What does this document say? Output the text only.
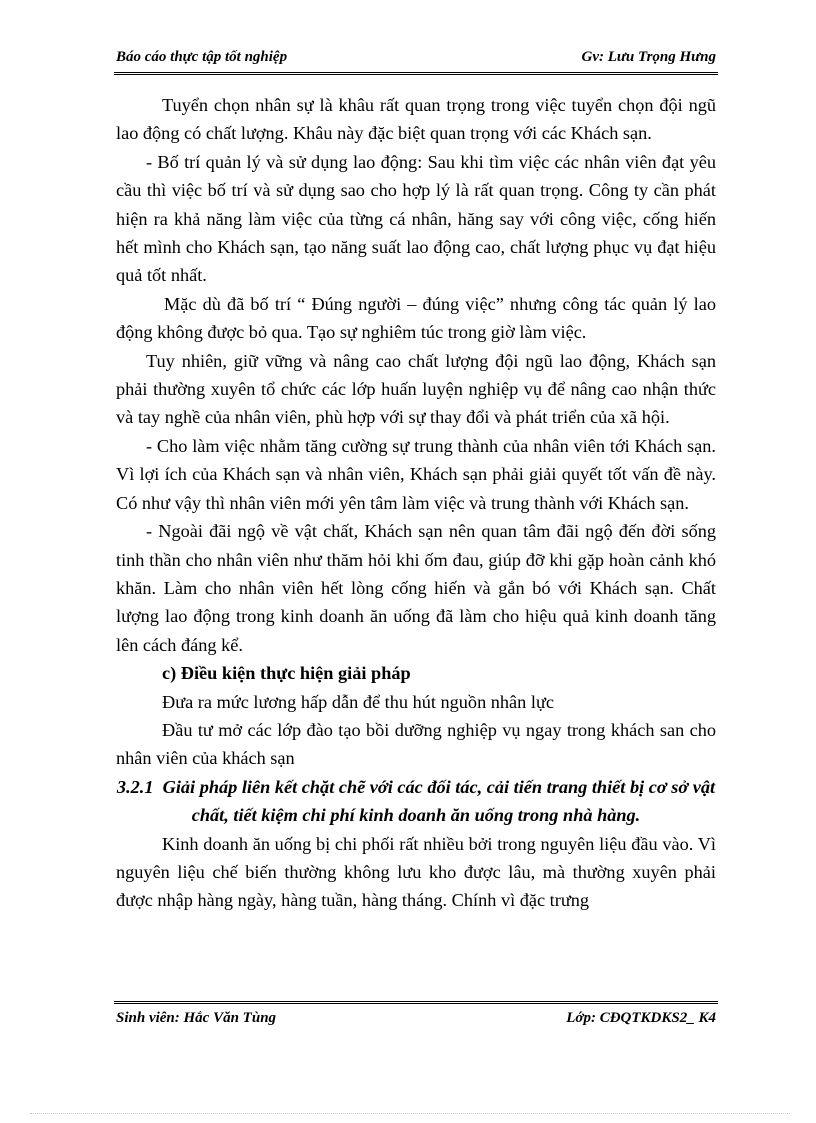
Báo cáo thực tập tốt nghiệp	Gv: Lưu Trọng Hưng

Tuyển chọn nhân sự là khâu rất quan trọng trong việc tuyển chọn đội ngũ lao động có chất lượng. Khâu này đặc biệt quan trọng với các Khách sạn.

- Bố trí quản lý và sử dụng lao động: Sau khi tìm việc các nhân viên đạt yêu cầu thì việc bố trí và sử dụng sao cho hợp lý là rất quan trọng. Công ty cần phát hiện ra khả năng làm việc của từng cá nhân, hăng say với công việc, cống hiến hết mình cho Khách sạn, tạo năng suất lao động cao, chất lượng phục vụ đạt hiệu quả tốt nhất.

Mặc dù đã bố trí “ Đúng người – đúng việc” nhưng công tác quản lý lao động không được bỏ qua. Tạo sự nghiêm túc trong giờ làm việc.

Tuy nhiên, giữ vững và nâng cao chất lượng đội ngũ lao động, Khách sạn phải thường xuyên tổ chức các lớp huấn luyện nghiệp vụ để nâng cao nhận thức và tay nghề của nhân viên, phù hợp với sự thay đổi và phát triển của xã hội.

- Cho làm việc nhằm tăng cường sự trung thành của nhân viên tới Khách sạn. Vì lợi ích của Khách sạn và nhân viên, Khách sạn phải giải quyết tốt vấn đề này. Có như vậy thì nhân viên mới yên tâm làm việc và trung thành với Khách sạn.

- Ngoài đãi ngộ về vật chất, Khách sạn nên quan tâm đãi ngộ đến đời sống tinh thần cho nhân viên như thăm hỏi khi ốm đau, giúp đỡ khi gặp hoàn cảnh khó khăn. Làm cho nhân viên hết lòng cống hiến và gắn bó với Khách sạn. Chất lượng lao động trong kinh doanh ăn uống đã làm cho hiệu quả kinh doanh tăng lên cách đáng kể.

c) Điều kiện thực hiện giải pháp

Đưa ra mức lương hấp dẫn để thu hút nguồn nhân lực

Đầu tư mở các lớp đào tạo bồi dưỡng nghiệp vụ ngay trong khách san cho nhân viên của khách sạn

3.2.1 Giải pháp liên kết chặt chẽ với các đối tác, cải tiến trang thiết bị cơ sở vật chất, tiết kiệm chi phí kinh doanh ăn uống trong nhà hàng.

Kinh doanh ăn uống bị chi phối rất nhiều bởi trong nguyên liệu đầu vào. Vì nguyên liệu chế biến thường không lưu kho được lâu, mà thường xuyên phải được nhập hàng ngày, hàng tuần, hàng tháng. Chính vì đặc trưng

Sinh viên: Hắc Văn Tùng	Lớp: CĐQTKDKS2_ K4
